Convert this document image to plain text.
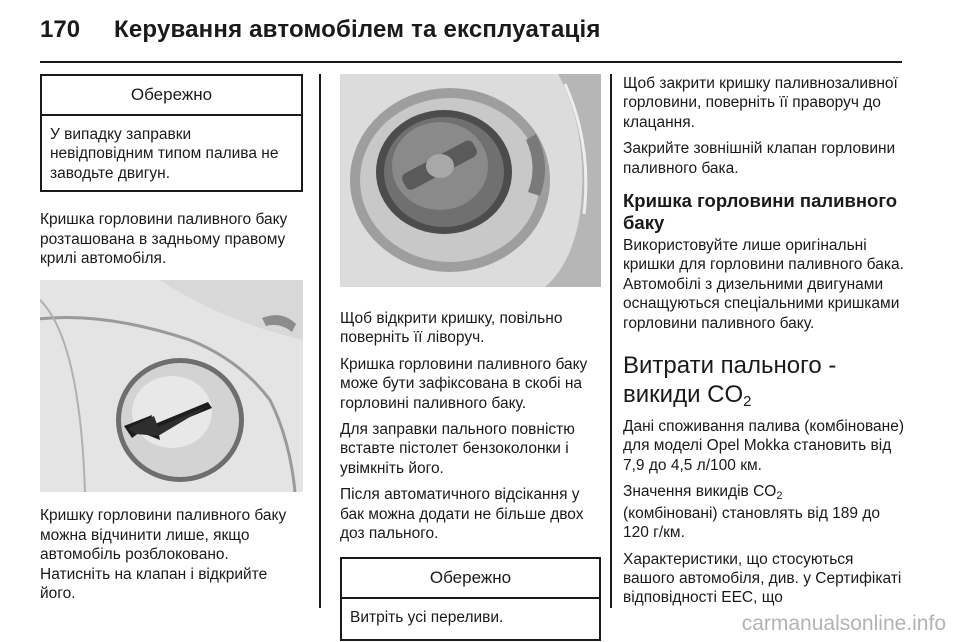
170 Керування автомобілем та експлуатація
Обережно
У випадку заправки невідповідним типом палива не заводьте двигун.

Кришка горловини паливного баку розташована в задньому правому крилі автомобіля.

Кришку горловини паливного баку можна відчинити лише, якщо автомобіль розблоковано. Натисніть на клапан і відкрийте його.

Щоб відкрити кришку, повільно поверніть її ліворуч.

Кришка горловини паливного баку може бути зафіксована в скобі на горловині паливного баку.

Для заправки пального повністю вставте пістолет бензоколонки і увімкніть його.

Після автоматичного відсікання у бак можна додати не більше двох доз пального.

Обережно
Витріть усі переливи.

Щоб закрити кришку паливнозаливної горловини, поверніть її праворуч до клацання.

Закрийте зовнішній клапан горловини паливного бака.

Кришка горловини паливного баку

Використовуйте лише оригінальні кришки для горловини паливного бака. Автомобілі з дизельними двигунами оснащуються спеціальними кришками горловини паливного баку.

Витрати пального - викиди $CO_2$

Дані споживання палива (комбіноване) для моделі Opel Mokka становить від 7,9 до 4,5 л/100 км.

Значення викидів CO2

(комбіновані) становлять від 189 до 120 г/км.

Характеристики, що стосуються вашого автомобіля, див. у Сертифікаті відповідності ЕЕС, що

carmanualsonline.info
